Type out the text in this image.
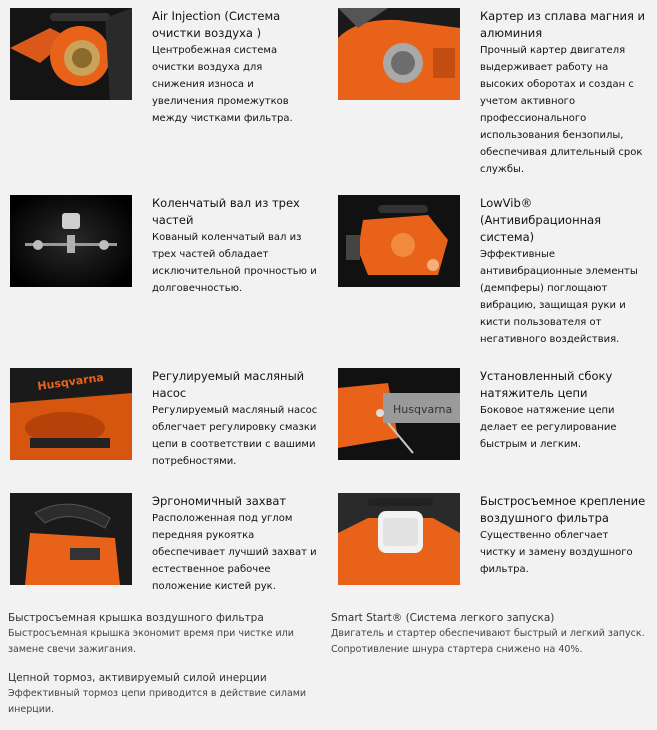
Air Injection (Система очистки воздуха )

Центробежная система очистки воздуха для снижения износа и увеличения промежутков между чистками фильтра.

Картер из сплава магния и алюминия

Прочный картер двигателя выдерживает работу на высоких оборотах и создан с учетом активного профессионального использования бензопилы, обеспечивая длительный срок службы.

Коленчатый вал из трех частей

Кованый коленчатый вал из трех частей обладает исключительной прочностью и долговечностью.

LowVib® (Антивибрационная система)

Эффективные антивибрационные элементы (демпферы) поглощают вибрацию, защищая руки и кисти пользователя от негативного воздействия.

Husqvarna	Регулируемый масляный насос

Регулируемый масляный насос облегчает регулировку смазки цепи в соответствии с вашими потребностями.

Husqvarna

Установленный сбоку натяжитель цепи

Боковое натяжение цепи делает ее регулирование быстрым и легким.

Эргономичный захват

Расположенная под углом передняя рукоятка обеспечивает лучший захват и естественное рабочее положение кистей рук.

Быстросъемное крепление воздушного фильтра

Существенно облегчает чистку и замену воздушного фильтра.

Быстросъемная крышка воздушного фильтра

Быстросъемная крышка экономит время при чистке или замене свечи зажигания.

Smart Start® (Система легкого запуска)

Двигатель и стартер обеспечивают быстрый и легкий запуск. Сопротивление шнура стартера снижено на 40%.

Цепной тормоз, активируемый силой инерции

Эффективный тормоз цепи приводится в действие силами инерции.
